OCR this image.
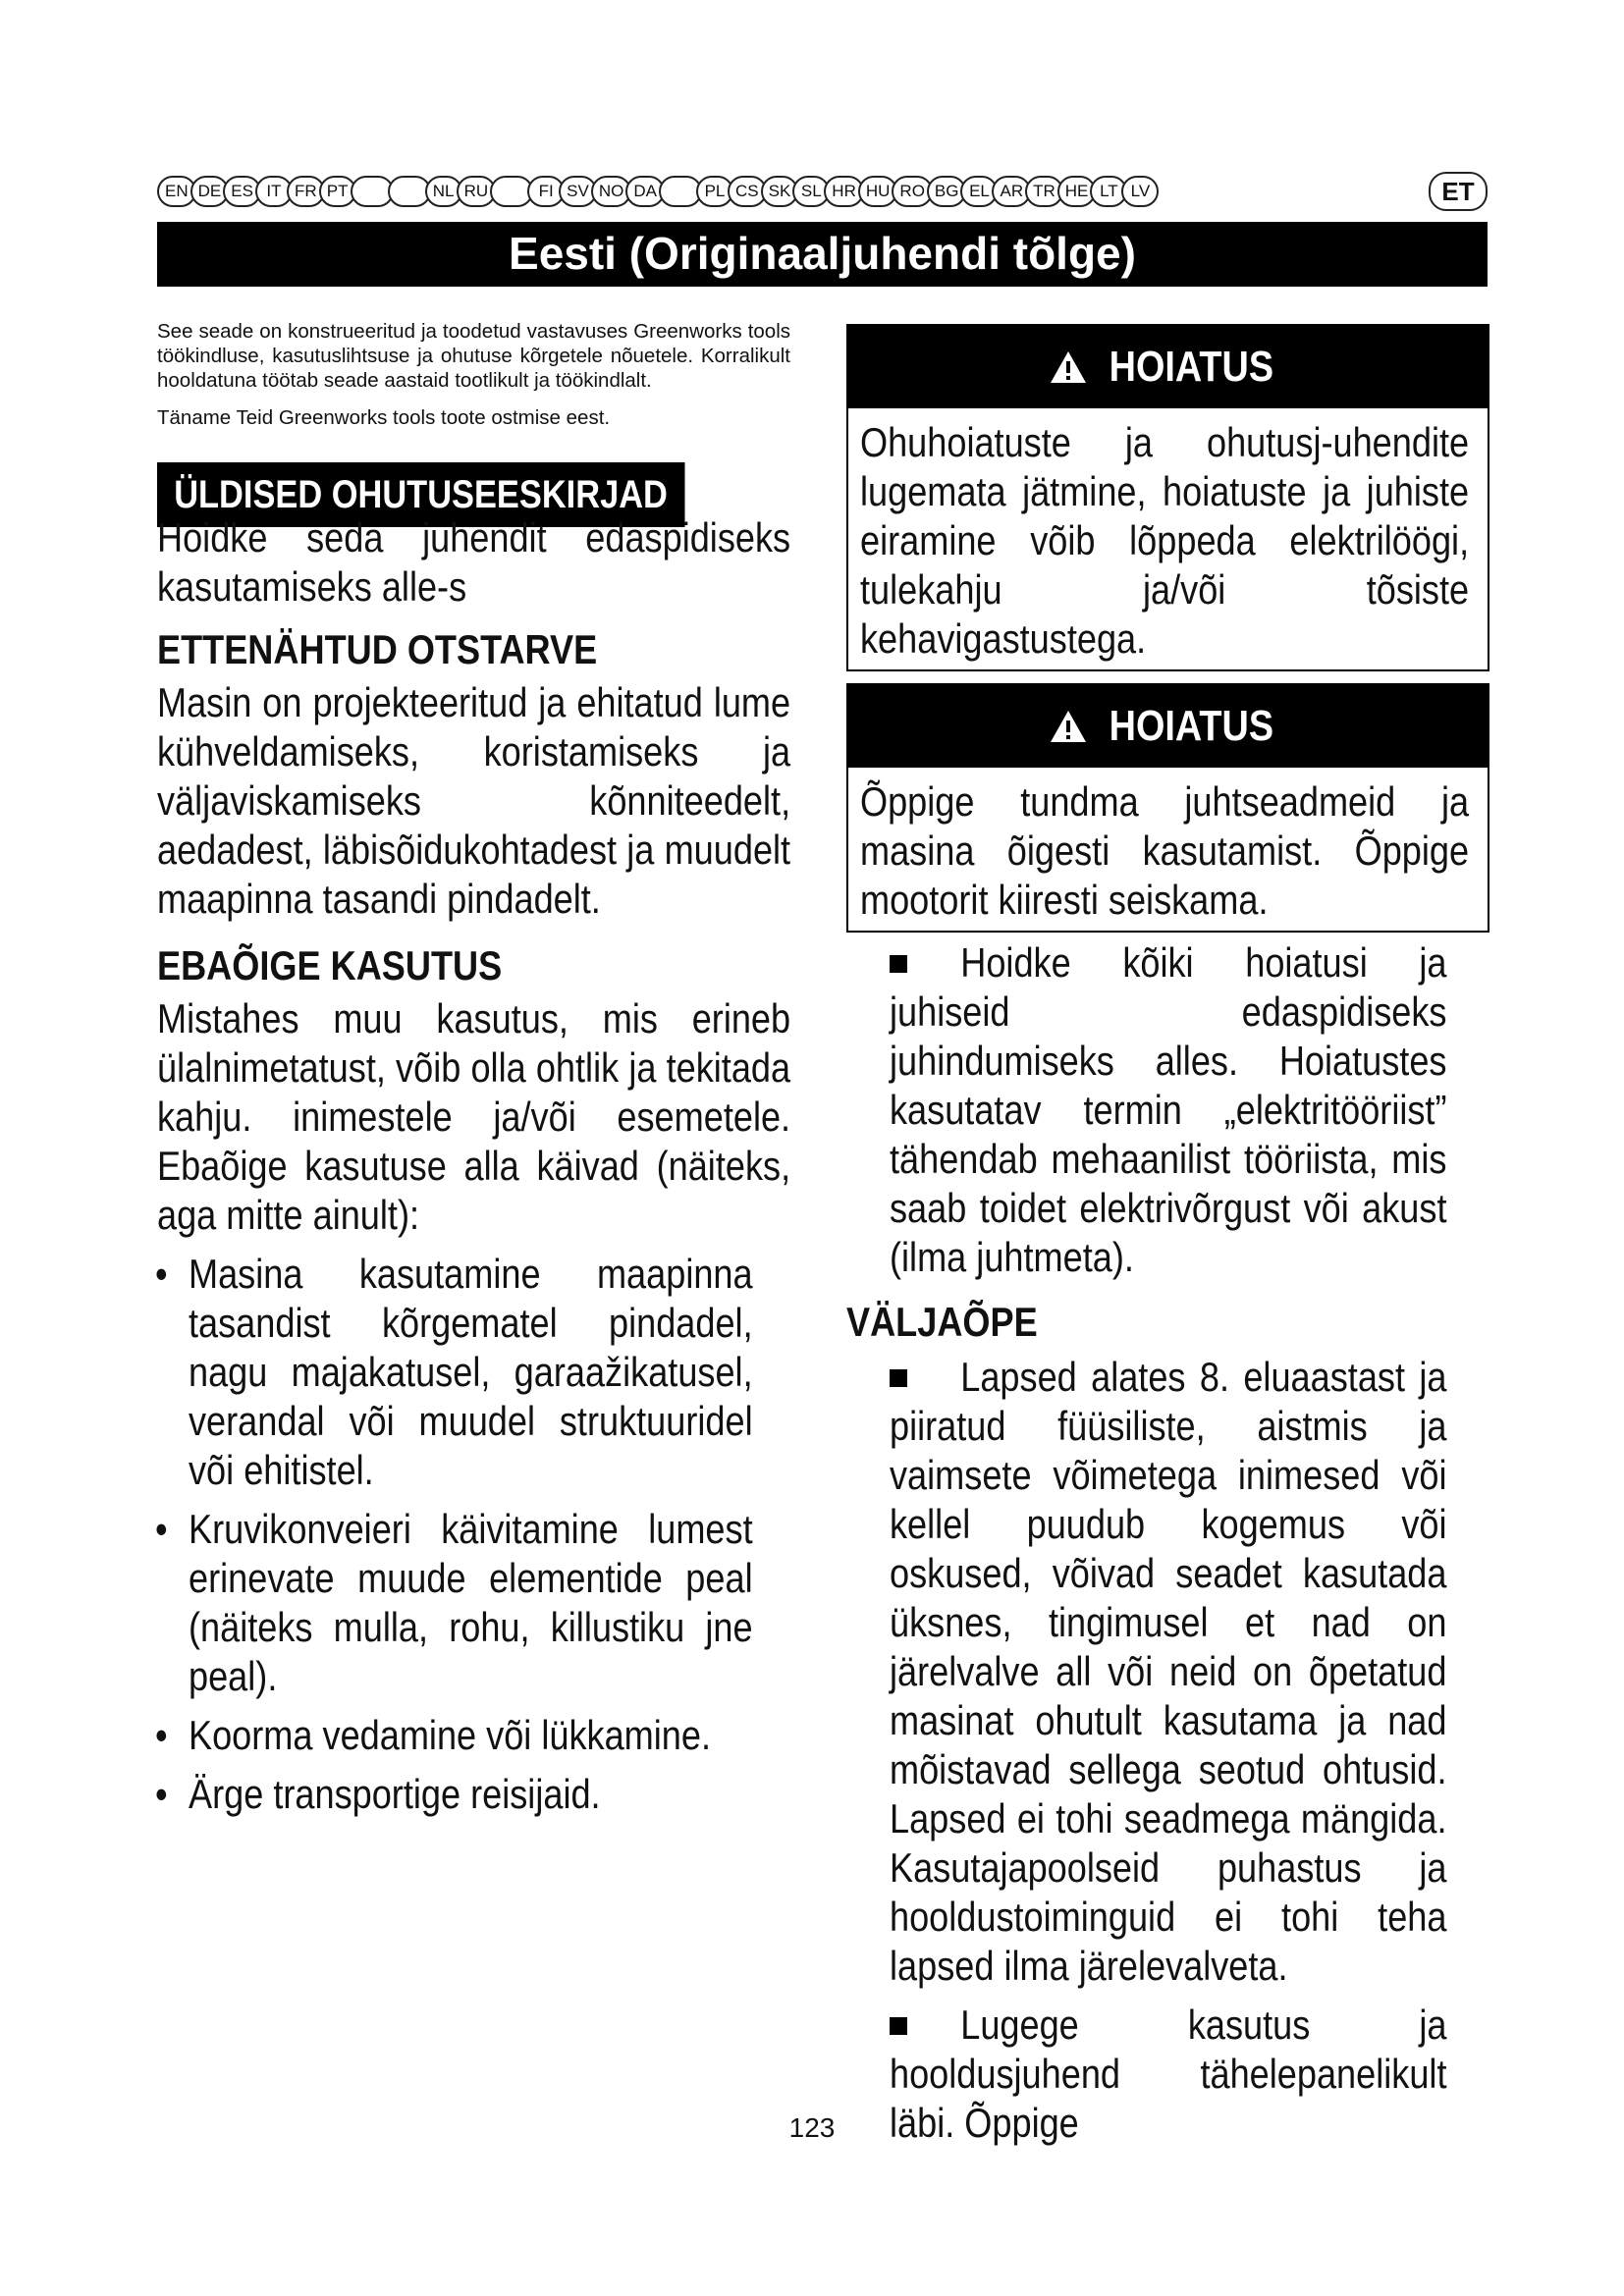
EN DE ES IT FR PT	NL RU	FI SV NO DA	PL CS SK SL HR HU RO BG EL AR TR HE LT LV	ET
Eesti (Originaaljuhendi tõlge)

See seade on konstrueeritud ja toodetud vastavuses Greenworks tools töökindluse, kasutuslihtsuse ja ohutuse kõrgetele nõuetele. Korralikult hooldatuna töötab seade aastaid tootlikult ja töökindlalt.

Täname Teid Greenworks tools toote ostmise eest.

ÜLDISED OHUTUSEESKIRJAD

Hoidke seda juhendit edaspidiseks kasutamiseks alle-s

ETTENÄHTUD OTSTARVE

Masin on projekteeritud ja ehitatud lume kühveldamiseks, koristamiseks ja väljaviskamiseks kõnniteedelt, aedadest, läbisõidukohtadest ja muudelt maapinna tasandi pindadelt.

EBAÕIGE KASUTUS

Mistahes muu kasutus, mis erineb ülalnimetatust, võib olla ohtlik ja tekitada kahju. inimestele ja/või esemetele. Ebaõige kasutuse alla käivad (näiteks, aga mitte ainult):

• Masina kasutamine maapinna tasandist kõrgematel pindadel, nagu majakatusel, garaažikatusel, verandal või muudel struktuuridel või ehitistel.

• Kruvikonveieri käivitamine lumest erinevate muude elementide peal (näiteks mulla, rohu, killustiku jne peal).

• Koorma vedamine või lükkamine.

• Ärge transportige reisijaid.

HOIATUS

Ohuhoiatuste ja ohutusj-uhendite lugemata jätmine, hoiatuste ja juhiste eiramine võib lõppeda elektrilöögi, tulekahju ja/või tõsiste kehavigastustega.

HOIATUS

Õppige tundma juhtseadmeid ja masina õigesti kasutamist. Õppige mootorit kiiresti seiskama.

Hoidke kõiki hoiatusi ja juhiseid edaspidiseks juhindumiseks alles. Hoiatustes kasutatav termin „elektritööriist” tähendab mehaanilist tööriista, mis saab toidet elektrivõrgust või akust (ilma juhtmeta).

VÄLJAÕPE

Lapsed alates 8. eluaastast ja piiratud füüsiliste, aistmis ja vaimsete võimetega inimesed või kellel puudub kogemus või oskused, võivad seadet kasutada üksnes, tingimusel et nad on järelvalve all või neid on õpetatud masinat ohutult kasutama ja nad mõistavad sellega seotud ohtusid. Lapsed ei tohi seadmega mängida. Kasutajapoolseid puhastus ja hooldustoiminguid ei tohi teha lapsed ilma järelevalveta.

Lugege kasutus ja hooldusjuhend tähelepanelikult läbi. Õppige

123
